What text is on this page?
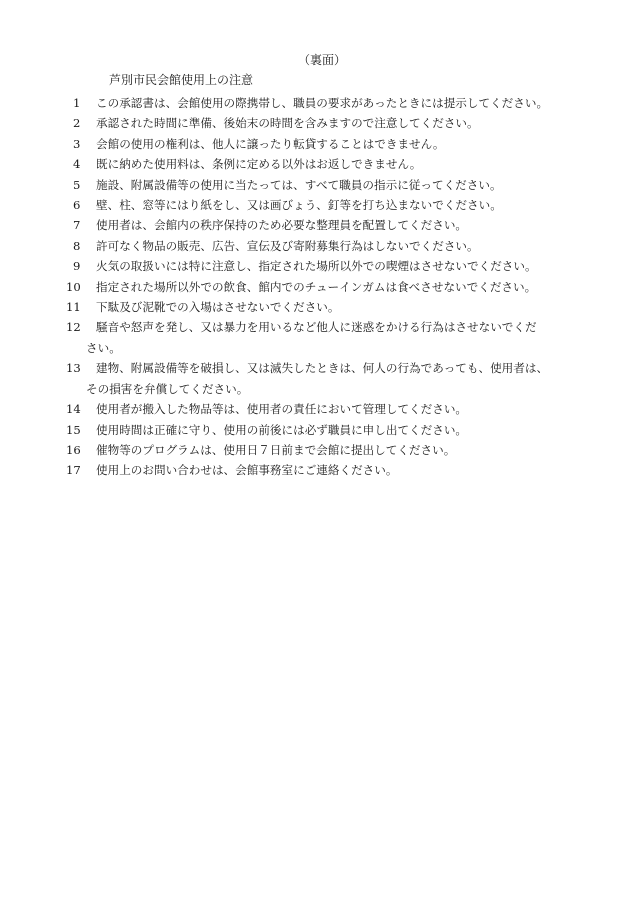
（裏面）
芦別市民会館使用上の注意
1 この承認書は、会館使用の際携帯し、職員の要求があったときには提示してください。
2 承認された時間に準備、後始末の時間を含みますので注意してください。
3 会館の使用の権利は、他人に譲ったり転貸することはできません。
4 既に納めた使用料は、条例に定める以外はお返しできません。
5 施設、附属設備等の使用に当たっては、すべて職員の指示に従ってください。
6 壁、柱、窓等にはり紙をし、又は画びょう、釘等を打ち込まないでください。
7 使用者は、会館内の秩序保持のため必要な整理員を配置してください。
8 許可なく物品の販売、広告、宣伝及び寄附募集行為はしないでください。
9 火気の取扱いには特に注意し、指定された場所以外での喫煙はさせないでください。
10 指定された場所以外での飲食、館内でのチューインガムは食べさせないでください。
11 下駄及び泥靴での入場はさせないでください。
12 騒音や怒声を発し、又は暴力を用いるなど他人に迷惑をかける行為はさせないでくだ
さい。
13 建物、附属設備等を破損し、又は滅失したときは、何人の行為であっても、使用者は、
その損害を弁償してください。
14 使用者が搬入した物品等は、使用者の責任において管理してください。
15 使用時間は正確に守り、使用の前後には必ず職員に申し出てください。
16 催物等のプログラムは、使用日７日前まで会館に提出してください。
17 使用上のお問い合わせは、会館事務室にご連絡ください。
